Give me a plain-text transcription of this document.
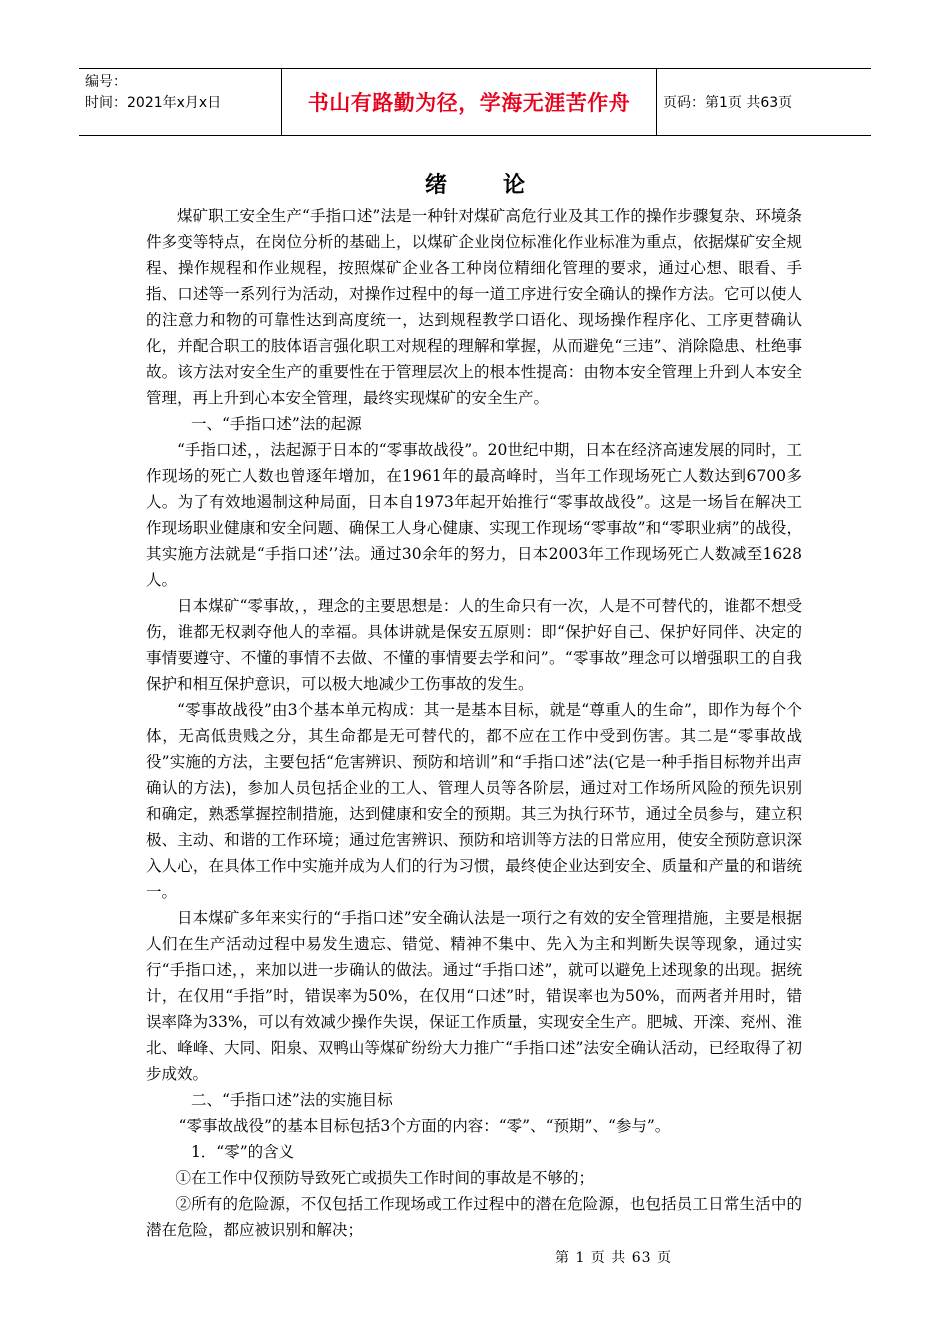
编号：
时间：2021年x月x日	书山有路勤为径，学海无涯苦作舟	页码：第1页 共63页
绪论

煤矿职工安全生产“手指口述”法是一种针对煤矿高危行业及其工作的操作步骤复杂、环境条件多变等特点，在岗位分析的基础上，以煤矿企业岗位标准化作业标准为重点，依据煤矿安全规程、操作规程和作业规程，按照煤矿企业各工种岗位精细化管理的要求，通过心想、眼看、手指、口述等一系列行为活动，对操作过程中的每一道工序进行安全确认的操作方法。它可以使人的注意力和物的可靠性达到高度统一，达到规程教学口语化、现场操作程序化、工序更替确认化，并配合职工的肢体语言强化职工对规程的理解和掌握，从而避免“三违”、消除隐患、杜绝事故。该方法对安全生产的重要性在于管理层次上的根本性提高：由物本安全管理上升到人本安全管理，再上升到心本安全管理，最终实现煤矿的安全生产。

一、“手指口述”法的起源

“手指口述，，法起源于日本的“零事故战役”。20世纪中期，日本在经济高速发展的同时，工作现场的死亡人数也曾逐年增加，在1961年的最高峰时，当年工作现场死亡人数达到6700多人。为了有效地遏制这种局面，日本自1973年起开始推行“零事故战役”。这是一场旨在解决工作现场职业健康和安全问题、确保工人身心健康、实现工作现场“零事故”和“零职业病”的战役，其实施方法就是“手指口述’’法。通过30余年的努力，日本2003年工作现场死亡人数减至1628人。

日本煤矿“零事故，，理念的主要思想是：人的生命只有一次，人是不可替代的，谁都不想受伤，谁都无权剥夺他人的幸福。具体讲就是保安五原则：即“保护好自己、保护好同伴、决定的事情要遵守、不懂的事情不去做、不懂的事情要去学和问”。“零事故”理念可以增强职工的自我保护和相互保护意识，可以极大地减少工伤事故的发生。

“零事故战役”由3个基本单元构成：其一是基本目标，就是“尊重人的生命”，即作为每个个体，无高低贵贱之分，其生命都是无可替代的，都不应在工作中受到伤害。其二是“零事故战役”实施的方法，主要包括“危害辨识、预防和培训”和“手指口述”法(它是一种手指目标物并出声确认的方法)，参加人员包括企业的工人、管理人员等各阶层，通过对工作场所风险的预先识别和确定，熟悉掌握控制措施，达到健康和安全的预期。其三为执行环节，通过全员参与，建立积极、主动、和谐的工作环境；通过危害辨识、预防和培训等方法的日常应用，使安全预防意识深入人心，在具体工作中实施并成为人们的行为习惯，最终使企业达到安全、质量和产量的和谐统一。

日本煤矿多年来实行的“手指口述”安全确认法是一项行之有效的安全管理措施，主要是根据人们在生产活动过程中易发生遗忘、错觉、精神不集中、先入为主和判断失误等现象，通过实行“手指口述，，来加以进一步确认的做法。通过“手指口述”，就可以避免上述现象的出现。据统计，在仅用“手指”时，错误率为50%，在仅用“口述”时，错误率也为50%，而两者并用时，错误率降为33%，可以有效减少操作失误，保证工作质量，实现安全生产。肥城、开滦、兖州、淮北、峰峰、大同、阳泉、双鸭山等煤矿纷纷大力推广“手指口述”法安全确认活动，已经取得了初步成效。

二、“手指口述”法的实施目标

“零事故战役”的基本目标包括3个方面的内容：“零”、“预期”、“参与”。

1．“零”的含义

①在工作中仅预防导致死亡或损失工作时间的事故是不够的；

②所有的危险源，不仅包括工作现场或工作过程中的潜在危险源，也包括员工日常生活中的潜在危险，都应被识别和解决；

第 1 页 共 63 页
